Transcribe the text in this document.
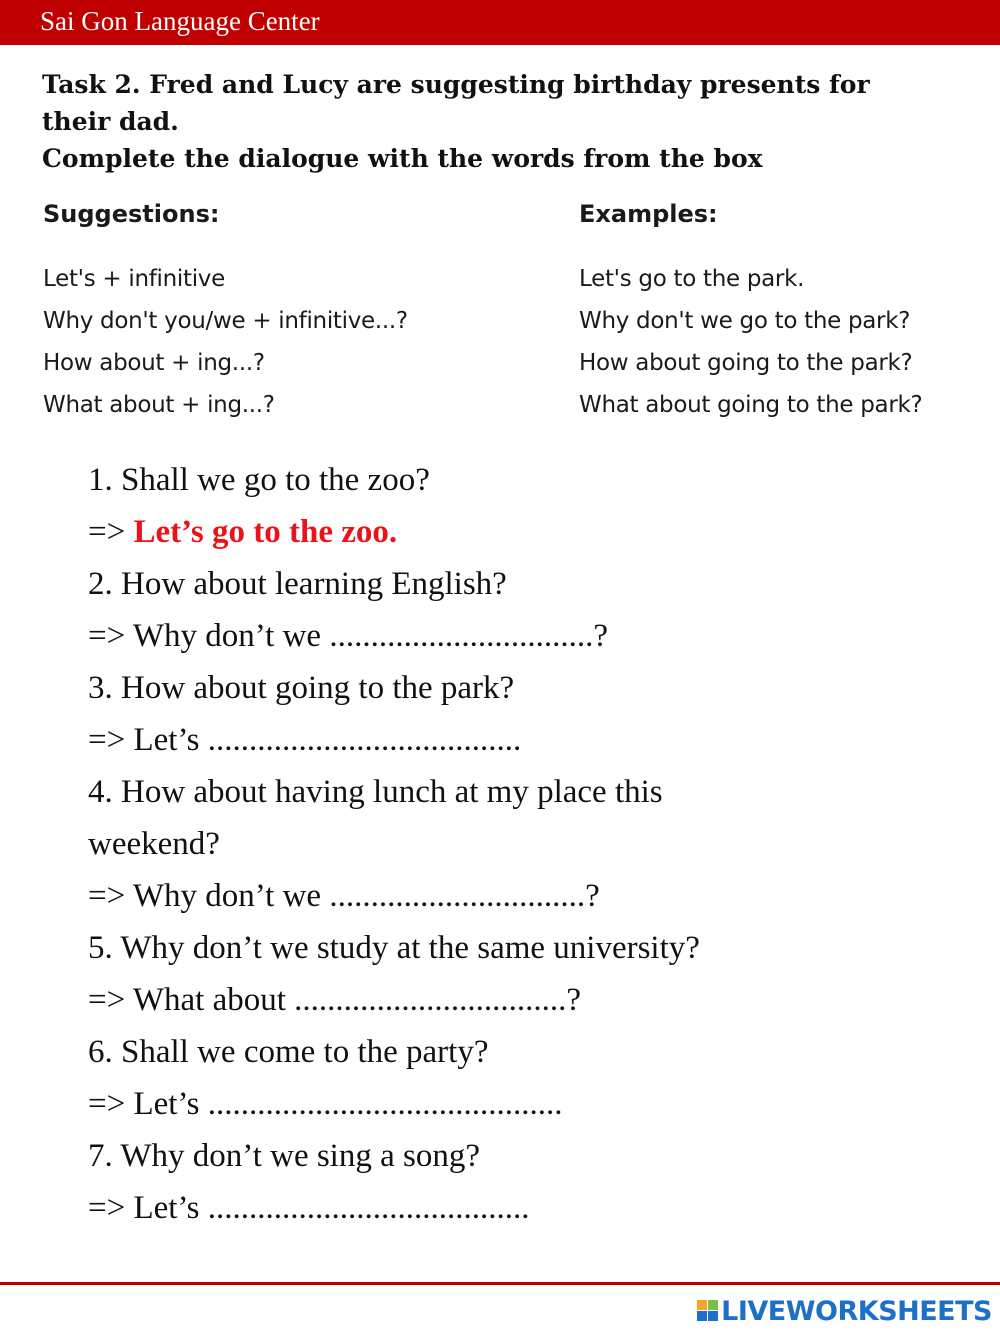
Sai Gon Language Center
Task 2. Fred and Lucy are suggesting birthday presents for
their dad.
Complete the dialogue with the words from the box
Suggestions:
Let's + infinitive
Why don't you/we + infinitive...?
How about + ing...?
What about + ing...?
Examples:
Let's go to the park.
Why don't we go to the park?
How about going to the park?
What about going to the park?
1. Shall we go to the zoo?
=> Let’s go to the zoo.
2. How about learning English?
=> Why don’t we ................................?
3. How about going to the park?
=> Let’s ......................................
4. How about having lunch at my place this
weekend?
=> Why don’t we ...............................?
5. Why don’t we study at the same university?
=> What about .................................?
6. Shall we come to the party?
=> Let’s ...........................................
7. Why don’t we sing a song?
=> Let’s .......................................
LIVEWORKSHEETS
